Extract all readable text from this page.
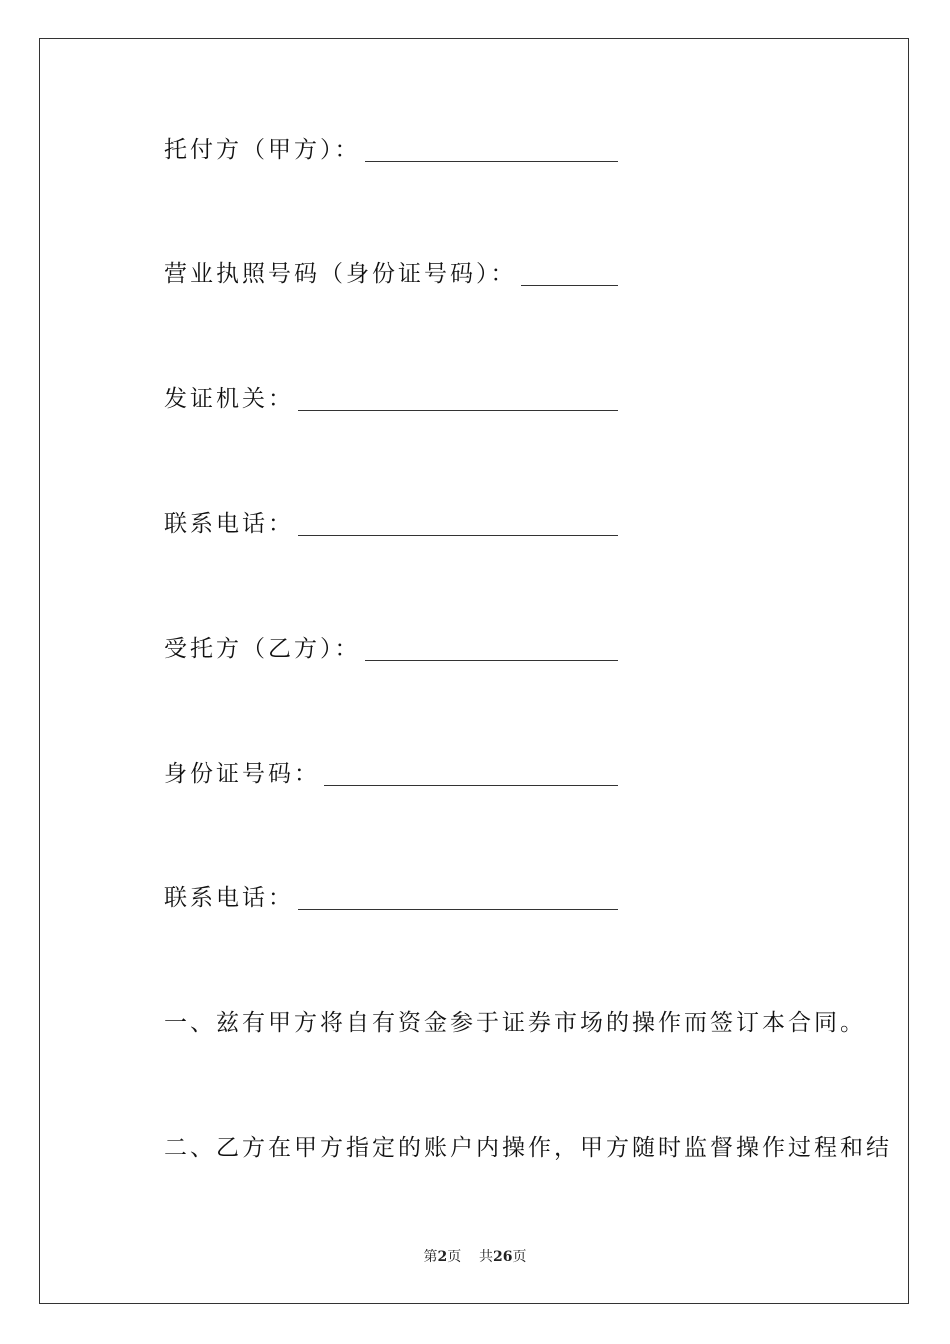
托付方（甲方）：
营业执照号码（身份证号码）：
发证机关：
联系电话：
受托方（乙方）：
身份证号码：
联系电话：
一、兹有甲方将自有资金参于证券市场的操作而签订本合同。
二、乙方在甲方指定的账户内操作，甲方随时监督操作过程和结
第2页 共26页
